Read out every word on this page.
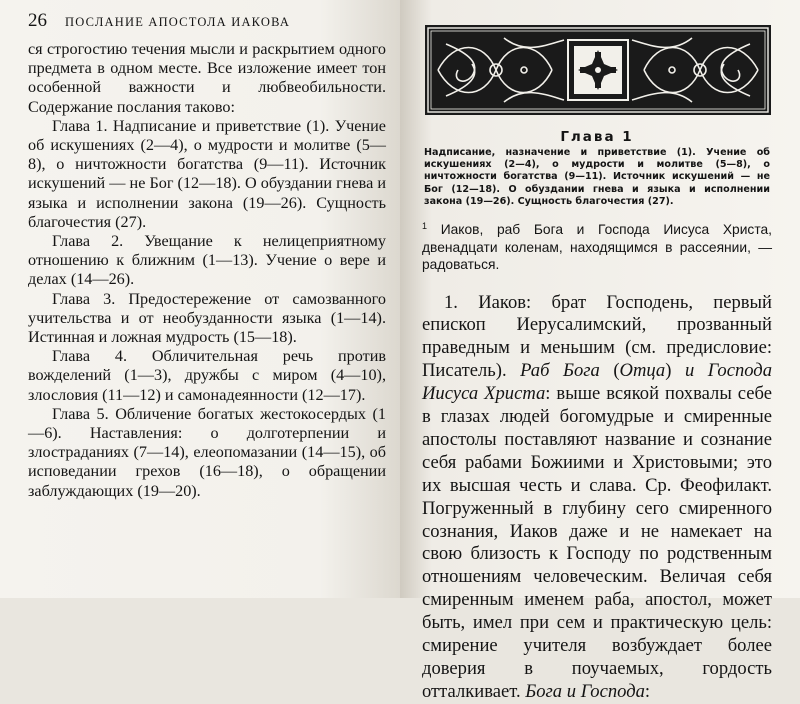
26 ПОСЛАНИЕ АПОСТОЛА ИАКОВА

ся строгостию течения мысли и раскрытием одного предмета в одном месте. Все изложение имеет тон особенной важности и любвеобильности. Содержание послания таково:

Глава 1. Надписание и приветствие (1). Учение об искушениях (2—4), о мудрости и молитве (5—8), о ничтожности богатства (9—11). Источник искушений — не Бог (12—18). О обуздании гнева и языка и исполнении закона (19—26). Сущность благочестия (27).

Глава 2. Увещание к нелицеприятному отношению к ближним (1—13). Учение о вере и делах (14—26).

Глава 3. Предостережение от самозванного учительства и от необузданности языка (1—14). Истинная и ложная мудрость (15—18).

Глава 4. Обличительная речь против вожделений (1—3), дружбы с миром (4—10), злословия (11—12) и самонадеянности (12—17).

Глава 5. Обличение богатых жестокосердых (1—6). Наставления: о долготерпении и злостраданиях (7—14), елеопомазании (14—15), об исповедании грехов (16—18), о обращении заблуждающих (19—20).

Глава 1
Надписание, назначение и приветствие (1). Учение об искушениях (2—4), о мудрости и молитве (5—8), о ничтожности богатства (9—11). Источник искушений — не Бог (12—18). О обуздании гнева и языка и исполнении закона (19—26). Сущность благочестия (27).

$^1$ Иаков, раб Бога и Господа Иисуса Христа, двенадцати коленам, находящимся в рассеянии, — радоваться.

1. Иаков: брат Господень, первый епископ Иерусалимский, прозванный праведным и меньшим (см. предисловие: Писатель). Раб Бога (Отца) и Господа Иисуса Христа: выше всякой похвалы себе в глазах людей богомудрые и смиренные апостолы поставляют название и сознание себя рабами Божиими и Христовыми; это их высшая честь и слава. Ср. Феофилакт. Погруженный в глубину сего смиренного сознания, Иаков даже и не намекает на свою близость к Господу по родственным отношениям человеческим. Величая себя смиренным именем раба, апостол, может быть, имел при сем и практическую цель: смирение учителя возбуждает более доверия в поучаемых, гордость отталкивает. Бога и Господа:
